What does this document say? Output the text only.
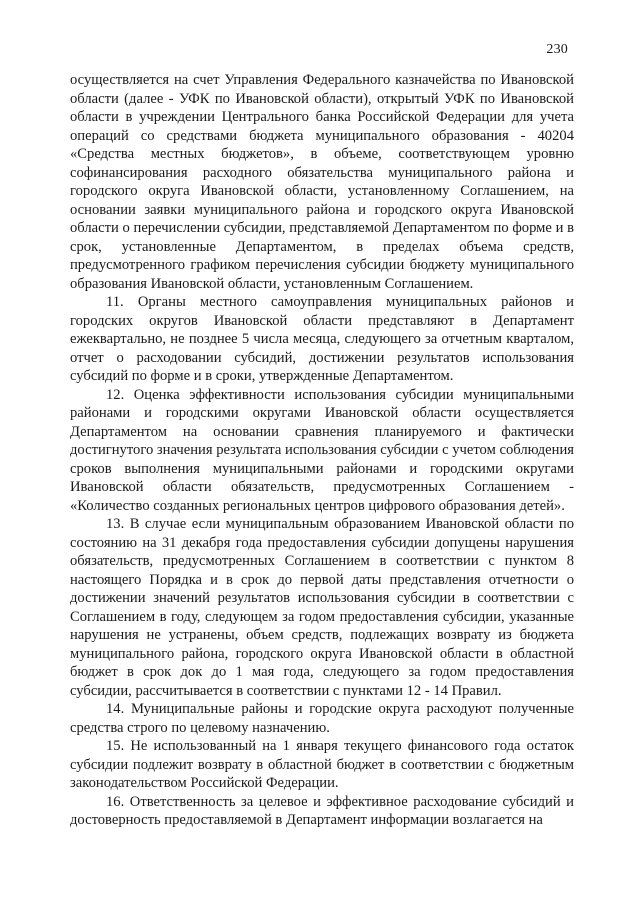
230

осуществляется на счет Управления Федерального казначейства по Ивановской области (далее - УФК по Ивановской области), открытый УФК по Ивановской области в учреждении Центрального банка Российской Федерации для учета операций со средствами бюджета муниципального образования - 40204 «Средства местных бюджетов», в объеме, соответствующем уровню софинансирования расходного обязательства муниципального района и городского округа Ивановской области, установленному Соглашением, на основании заявки муниципального района и городского округа Ивановской области о перечислении субсидии, представляемой Департаментом по форме и в срок, установленные Департаментом, в пределах объема средств, предусмотренного графиком перечисления субсидии бюджету муниципального образования Ивановской области, установленным Соглашением.

11. Органы местного самоуправления муниципальных районов и городских округов Ивановской области представляют в Департамент ежеквартально, не позднее 5 числа месяца, следующего за отчетным кварталом, отчет о расходовании субсидий, достижении результатов использования субсидий по форме и в сроки, утвержденные Департаментом.

12. Оценка эффективности использования субсидии муниципальными районами и городскими округами Ивановской области осуществляется Департаментом на основании сравнения планируемого и фактически достигнутого значения результата использования субсидии с учетом соблюдения сроков выполнения муниципальными районами и городскими округами Ивановской области обязательств, предусмотренных Соглашением - «Количество созданных региональных центров цифрового образования детей».

13. В случае если муниципальным образованием Ивановской области по состоянию на 31 декабря года предоставления субсидии допущены нарушения обязательств, предусмотренных Соглашением в соответствии с пунктом 8 настоящего Порядка и в срок до первой даты представления отчетности о достижении значений результатов использования субсидии в соответствии с Соглашением в году, следующем за годом предоставления субсидии, указанные нарушения не устранены, объем средств, подлежащих возврату из бюджета муниципального района, городского округа Ивановской области в областной бюджет в срок док до 1 мая года, следующего за годом предоставления субсидии, рассчитывается в соответствии с пунктами 12 - 14 Правил.

14. Муниципальные районы и городские округа расходуют полученные средства строго по целевому назначению.

15. Не использованный на 1 января текущего финансового года остаток субсидии подлежит возврату в областной бюджет в соответствии с бюджетным законодательством Российской Федерации.

16. Ответственность за целевое и эффективное расходование субсидий и достоверность предоставляемой в Департамент информации возлагается на
